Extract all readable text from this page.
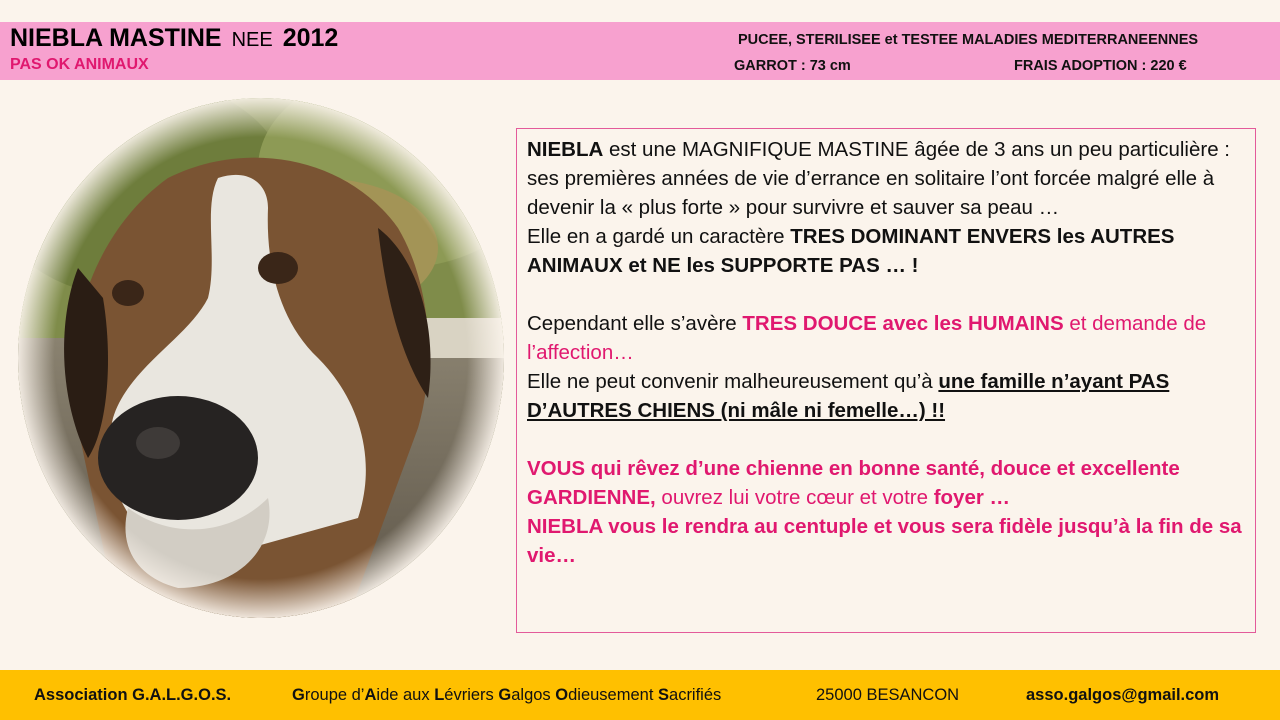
NIEBLA MASTINE NEE 2012
PAS OK ANIMAUX
PUCEE, STERILISEE et TESTEE MALADIES MEDITERRANEENNES
GARROT : 73 cm	FRAIS ADOPTION : 220 €

NIEBLA est une MAGNIFIQUE MASTINE âgée de 3 ans un peu particulière : ses premières années de vie d’errance en solitaire l’ont forcée malgré elle à devenir la « plus forte » pour survivre et sauver sa peau …

Elle en a gardé un caractère TRES DOMINANT ENVERS les AUTRES ANIMAUX et NE les SUPPORTE PAS … !

Cependant elle s’avère TRES DOUCE avec les HUMAINS et demande de l’affection…

Elle ne peut convenir malheureusement qu’à une famille n’ayant PAS D’AUTRES CHIENS (ni mâle ni femelle…) !!

VOUS qui rêvez d’une chienne en bonne santé, douce et excellente GARDIENNE, ouvrez lui votre cœur et votre foyer …

NIEBLA vous le rendra au centuple et vous sera fidèle jusqu’à la fin de sa vie…

Association G.A.L.G.O.S.	Groupe d’Aide aux Lévriers Galgos Odieusement Sacrifiés	25000 BESANCON	asso.galgos@gmail.com
